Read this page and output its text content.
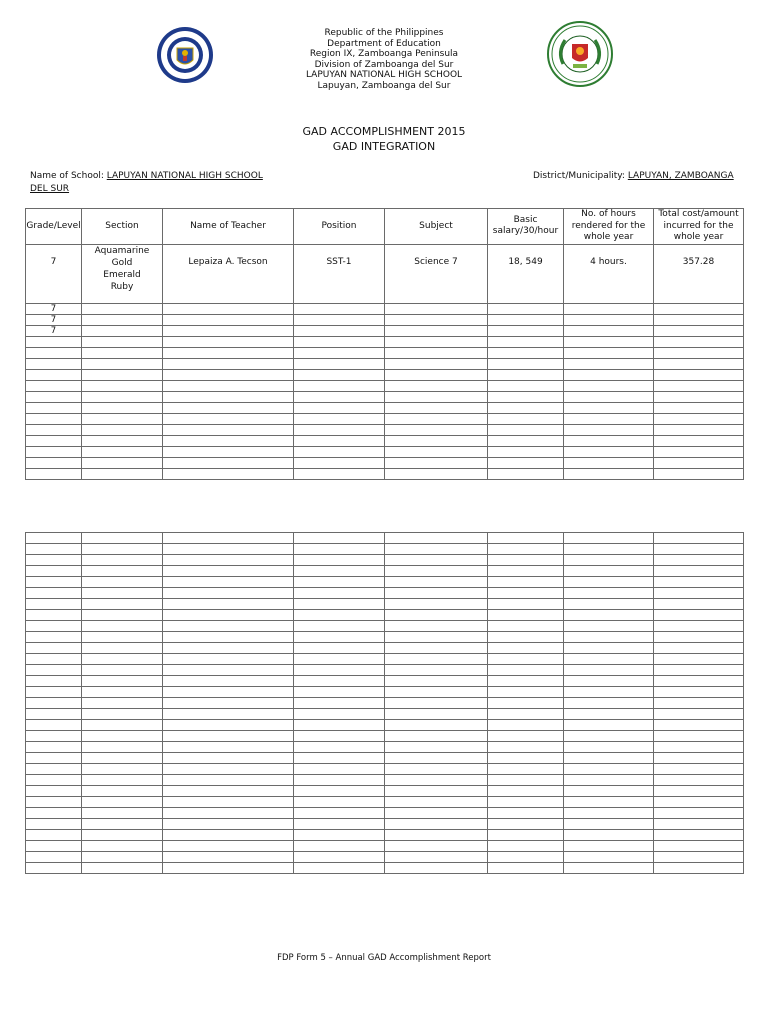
Republic of the Philippines
Department of Education
Region IX, Zamboanga Peninsula
Division of Zamboanga del Sur
LAPUYAN NATIONAL HIGH SCHOOL
Lapuyan, Zamboanga del Sur
GAD ACCOMPLISHMENT 2015
GAD INTEGRATION
Name of School: LAPUYAN NATIONAL HIGH SCHOOL
DEL SUR
District/Municipality: LAPUYAN, ZAMBOANGA
Grade/Level	Section	Name of Teacher	Position	Subject	Basic salary/30/hour	No. of hours rendered for the whole year	Total cost/amount incurred for the whole year
7	Aquamarine
Gold
Emerald
Ruby	Lepaiza A. Tecson	SST-1	Science 7	18, 549	4 hours.	357.28
7							
7							
7							

FDP Form 5 – Annual GAD Accomplishment Report
